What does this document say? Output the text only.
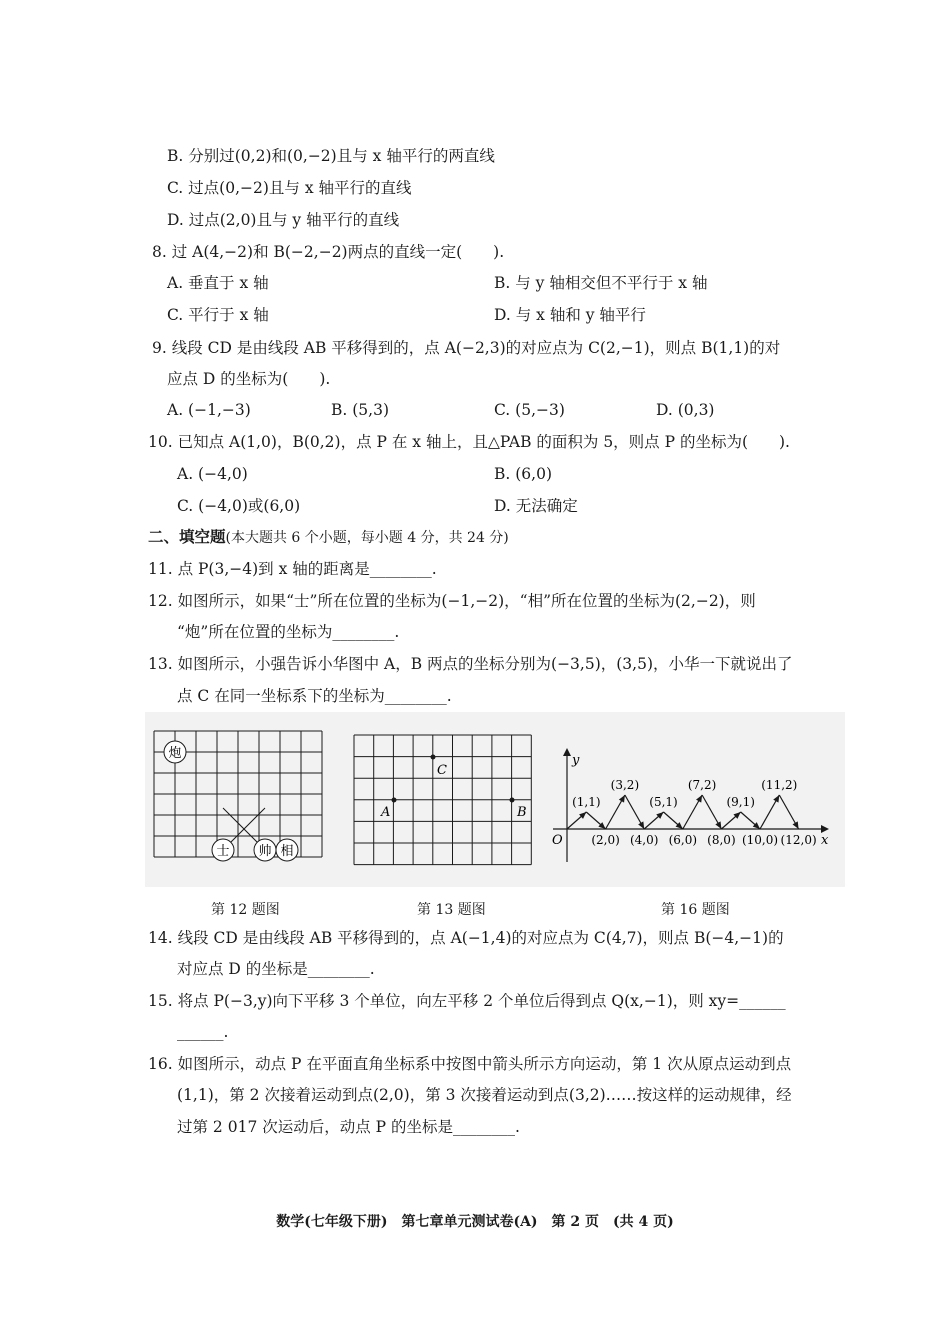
B. 分别过(0,2)和(0,−2)且与 x 轴平行的两直线
C. 过点(0,−2)且与 x 轴平行的直线
D. 过点(2,0)且与 y 轴平行的直线
8. 过 A(4,−2)和 B(−2,−2)两点的直线一定(　　).
A. 垂直于 x 轴	B. 与 y 轴相交但不平行于 x 轴
C. 平行于 x 轴	D. 与 x 轴和 y 轴平行
9. 线段 CD 是由线段 AB 平移得到的，点 A(−2,3)的对应点为 C(2,−1)，则点 B(1,1)的对
应点 D 的坐标为(　　).
A. (−1,−3)	B. (5,3)	C. (5,−3)	D. (0,3)
10. 已知点 A(1,0)，B(0,2)，点 P 在 x 轴上，且△PAB 的面积为 5，则点 P 的坐标为(　　).
A. (−4,0)	B. (6,0)
C. (−4,0)或(6,0)	D. 无法确定
二、填空题(本大题共 6 个小题，每小题 4 分，共 24 分)
11. 点 P(3,−4)到 x 轴的距离是________.
12. 如图所示，如果“士”所在位置的坐标为(−1,−2)，“相”所在位置的坐标为(2,−2)，则
“炮”所在位置的坐标为________.
13. 如图所示，小强告诉小华图中 A，B 两点的坐标分别为(−3,5)，(3,5)，小华一下就说出了
点 C 在同一坐标系下的坐标为________.
炮
士 帅 相
C
A	B
y
x
O
(1,1)
(3,2)
(5,1)
(7,2)
(9,1)
(11,2)
(2,0) (4,0) (6,0) (8,0) (10,0) (12,0)
第 12 题图	第 13 题图	第 16 题图
14. 线段 CD 是由线段 AB 平移得到的，点 A(−1,4)的对应点为 C(4,7)，则点 B(−4,−1)的
对应点 D 的坐标是________.
15. 将点 P(−3,y)向下平移 3 个单位，向左平移 2 个单位后得到点 Q(x,−1)，则 xy=______
______.
16. 如图所示，动点 P 在平面直角坐标系中按图中箭头所示方向运动，第 1 次从原点运动到点
(1,1)，第 2 次接着运动到点(2,0)，第 3 次接着运动到点(3,2)……按这样的运动规律，经
过第 2 017 次运动后，动点 P 的坐标是________.
数学(七年级下册)　第七章单元测试卷(A)　第 2 页　(共 4 页)
